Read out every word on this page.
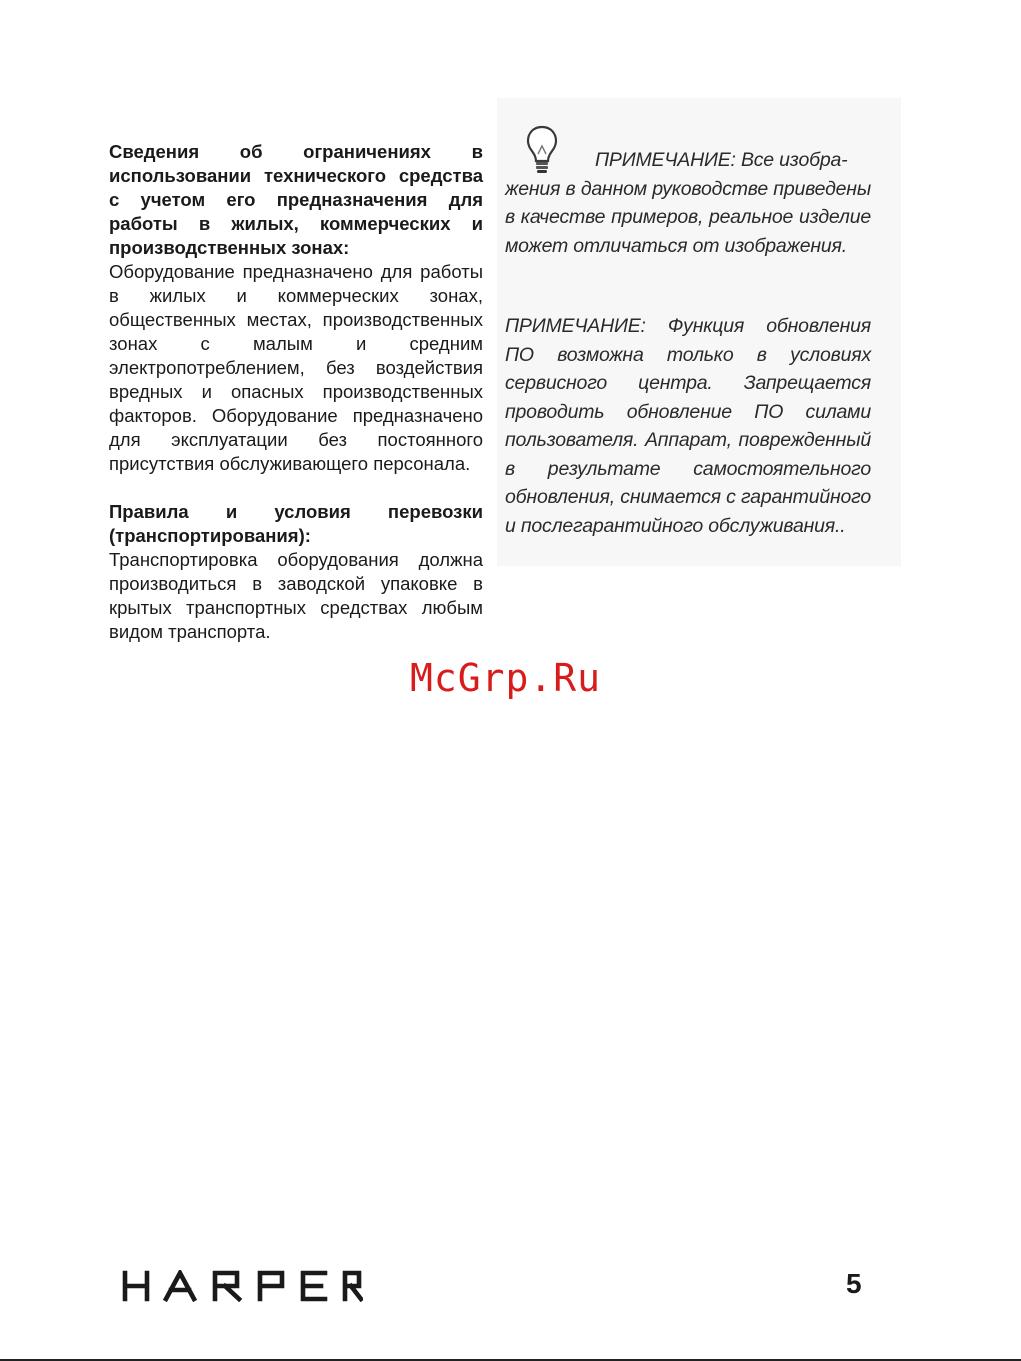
Сведения об ограничениях в использовании технического средства с учетом его предназначения для работы в жилых, коммерческих и производственных зонах:

Оборудование предназначено для работы в жилых и коммерческих зонах, общественных местах, производственных зонах с малым и средним электропотреблением, без воздействия вредных и опасных производственных факторов. Оборудование предназначено для эксплуатации без постоянного присутствия обслуживающего персонала.

Правила и условия перевозки (транспортирования):

Транспортировка оборудования должна производиться в заводской упаковке в крытых транспортных средствах любым видом транспорта.

ПРИМЕЧАНИЕ: Все изобра-
жения в данном руководстве приведены в качестве примеров, реальное изделие может отличаться от изображения.
ПРИМЕЧАНИЕ: Функция обновления ПО возможна только в условиях сервисного центра. Запрещается проводить обновление ПО силами пользователя. Аппарат, поврежденный в результате самостоятельного обновления, снимается с гарантийного и послегарантийного обслуживания..
McGrp.Ru
5
